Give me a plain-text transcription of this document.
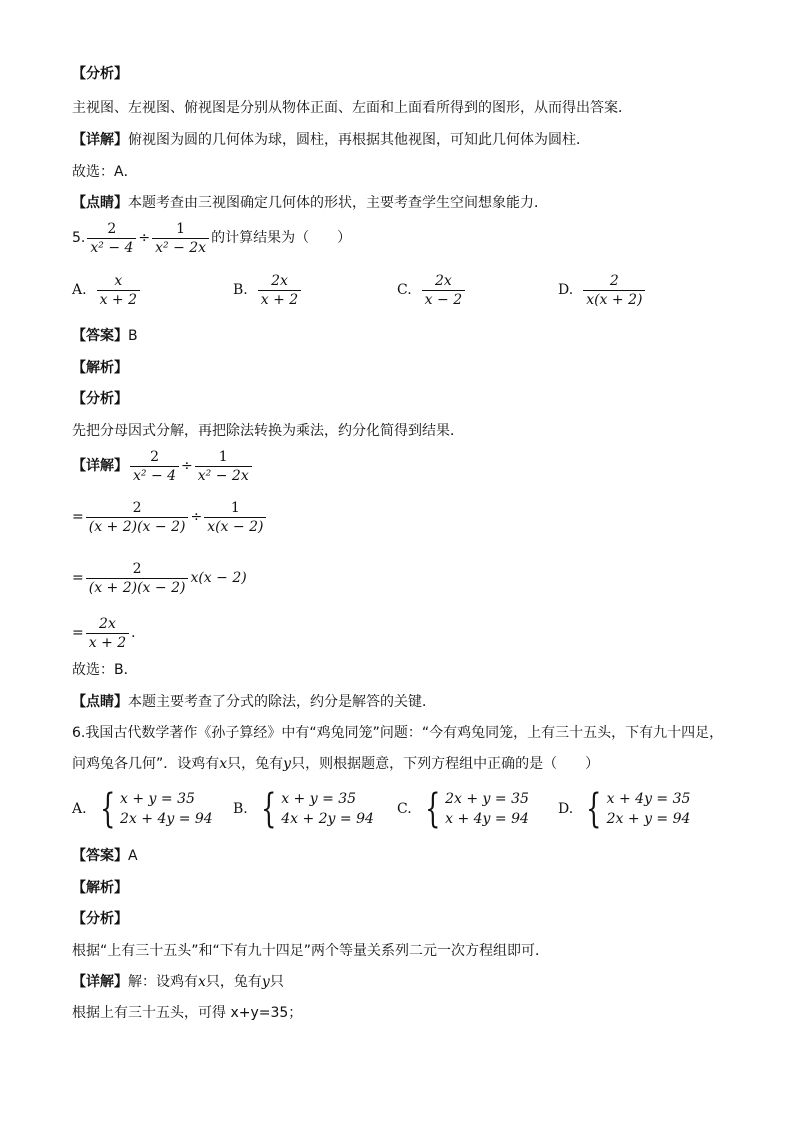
【分析】
主视图、左视图、俯视图是分别从物体正面、左面和上面看所得到的图形，从而得出答案．
【详解】俯视图为圆的几何体为球，圆柱，再根据其他视图，可知此几何体为圆柱．
故选：A．
【点睛】本题考查由三视图确定几何体的形状，主要考查学生空间想象能力．
5. $\frac{2}{\text{x² − 4}} \div \frac{1}{\text{x² − 2x}}$ 的计算结果为（　　）
A. $\frac{x}{x + 2}$	B. $\frac{2x}{x + 2}$	C. $\frac{2x}{x - 2}$	D. $\frac{2}{x(x + 2)}$
【答案】B
【解析】
【分析】
先把分母因式分解，再把除法转换为乘法，约分化简得到结果．
【详解】 $\frac{2}{\text{x² − 4}} \div \frac{1}{\text{x² − 2x}}$
= $\frac{2}{(x + 2)(x - 2)} \div \frac{1}{x(x - 2)}$
= $\frac{2}{(x + 2)(x - 2)} x(x - 2)$
= $\frac{2x}{x + 2}$ ．
故选：B．
【点睛】本题主要考查了分式的除法，约分是解答的关键．
6.我国古代数学著作《孙子算经》中有“鸡兔同笼”问题：“今有鸡兔同笼，上有三十五头，下有九十四足，
问鸡兔各几何”．设鸡有x只，兔有y只，则根据题意，下列方程组中正确的是（　　）
A. { x + y = 35
2x + 4y = 94
B. { x + y = 35
4x + 2y = 94
C. { 2x + y = 35
x + 4y = 94
D. { x + 4y = 35
2x + y = 94
【答案】A
【解析】
【分析】
根据“上有三十五头”和“下有九十四足”两个等量关系列二元一次方程组即可．
【详解】解：设鸡有x只，兔有y只
根据上有三十五头，可得 x+y=35；
